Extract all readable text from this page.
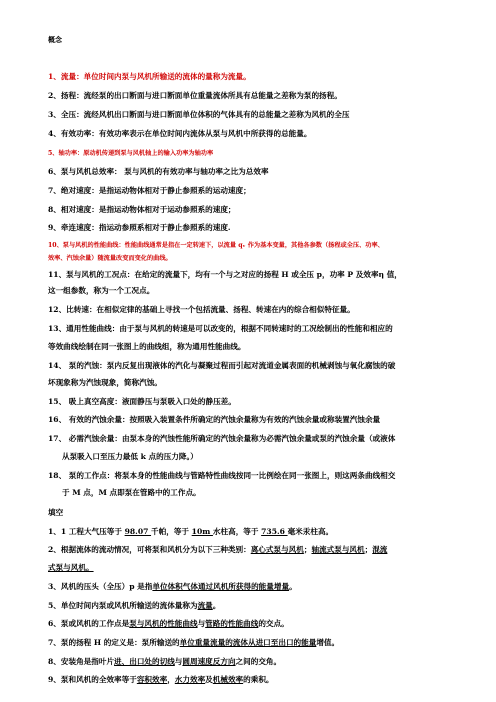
概念
1、流量：单位时间内泵与风机所输送的流体的量称为流量。
2、扬程：流经泵的出口断面与进口断面单位重量流体所具有总能量之差称为泵的扬程。
3、全压：流经风机出口断面与进口断面单位体积的气体具有的总能量之差称为风机的全压
4、有效功率：有效功率表示在单位时间内流体从泵与风机中所获得的总能量。
5、轴功率：原动机传递到泵与风机轴上的输入功率为轴功率
6、泵与风机总效率： 泵与风机的有效功率与轴功率之比为总效率
7、绝对速度：是指运动物体相对于静止参照系的运动速度；
8、相对速度：是指运动物体相对于运动参照系的速度；
9、牵连速度：指运动参照系相对于静止参照系的速度.
10、泵与风机的性能曲线：性能曲线通常是指在一定转速下，以流量 qᵥ 作为基本变量，其他各参数（扬程或全压、功率、
效率、汽蚀余量）随流量改变而变化的曲线。
11、泵与风机的工况点：在给定的流量下，均有一个与之对应的扬程 H 或全压 p，功率 P 及效率η 值，
这一组参数，称为一个工况点。
12、比转速：在相似定律的基础上寻找一个包括流量、扬程、转速在内的综合相似特征量。
13、通用性能曲线：由于泵与风机的转速是可以改变的，根据不同转速时的工况绘制出的性能和相应的
等效曲线绘制在同一张图上的曲线组，称为通用性能曲线。
14、 泵的汽蚀：泵内反复出现液体的汽化与凝聚过程而引起对流道金属表面的机械剥蚀与氧化腐蚀的破
坏现象称为汽蚀现象，简称汽蚀。
15、 吸上真空高度：液面静压与泵吸入口处的静压差。
16、 有效的汽蚀余量：按照吸入装置条件所确定的汽蚀余量称为有效的汽蚀余量或称装置汽蚀余量
17、 必需汽蚀余量：由泵本身的汽蚀性能所确定的汽蚀余量称为必需汽蚀余量或泵的汽蚀余量（或液体
从泵吸入口至压力最低 k 点的压力降。）
18、 泵的工作点：将泵本身的性能曲线与管路特性曲线按同一比例绘在同一张图上，则这两条曲线相交
于 M 点，M 点即泵在管路中的工作点。
填空
1、1 工程大气压等于 98.07 千帕，等于 10m 水柱高，等于 735.6 毫米汞柱高。
2、根据流体的流动情况，可将泵和风机分为以下三种类别：离心式泵与风机；轴流式泵与风机；混流
式泵与风机。
3、风机的压头（全压）p 是指单位体积气体通过风机所获得的能量增量。
5、单位时间内泵或风机所输送的流体量称为流量。
6、泵或风机的工作点是泵与风机的性能曲线与管路的性能曲线的交点。
7、泵的扬程 H 的定义是：泵所输送的单位重量流量的流体从进口至出口的能量增值。
8、安装角是指叶片进、出口处的切线与圆周速度反方向之间的交角。
9、泵和风机的全效率等于容积效率，水力效率及机械效率的乘积。
